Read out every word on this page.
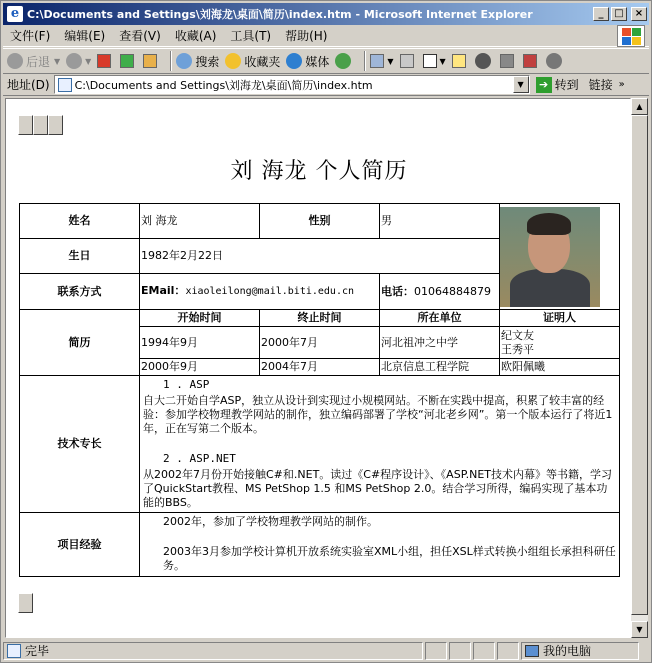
e C:\Documents and Settings\刘海龙\桌面\简历\index.htm - Microsoft Internet Explorer	_	□	×
文件(F)	编辑(E)	查看(V)	收藏(A)	工具(T)	帮助(H)
后退 ▼	▼	搜索 收藏夹 媒体	▼	▼
地址(D) C:\Documents and Settings\刘海龙\桌面\简历\index.htm	▼	➔ 转到 链接 »
刘 海龙 个人简历
姓名	刘 海龙	性别	男	

生日	1982年2月22日			
联系方式	EMail：xiaoleilong@mail.biti.edu.cn		电话：01064884879	
简历	开始时间	终止时间	所在单位	证明人
	1994年9月	2000年7月	河北祖冲之中学	纪文友
王秀平
	2000年9月	2004年7月	北京信息工程学院	欧阳佩曦
技术专长	1 . ASP
自大二开始自学ASP，独立从设计到实现过小规模网站。不断在实践中提高，积累了较丰富的经验：参加学校物理教学网站的制作，独立编码部署了学校“河北老乡网”。第一个版本运行了将近1年，正在写第二个版本。
2 . ASP.NET
从2002年7月份开始接触C#和.NET。读过《C#程序设计》、《ASP.NET技术内幕》等书籍，学习了QuickStart教程、MS PetShop 1.5 和MS PetShop 2.0。结合学习所得，编码实现了基本功能的BBS。			

项目经验	2002年，参加了学校物理教学网站的制作。
2003年3月参加学校计算机开放系统实验室XML小组，担任XSL样式转换小组组长承担科研任务。			
▲
▼
完毕	我的电脑
